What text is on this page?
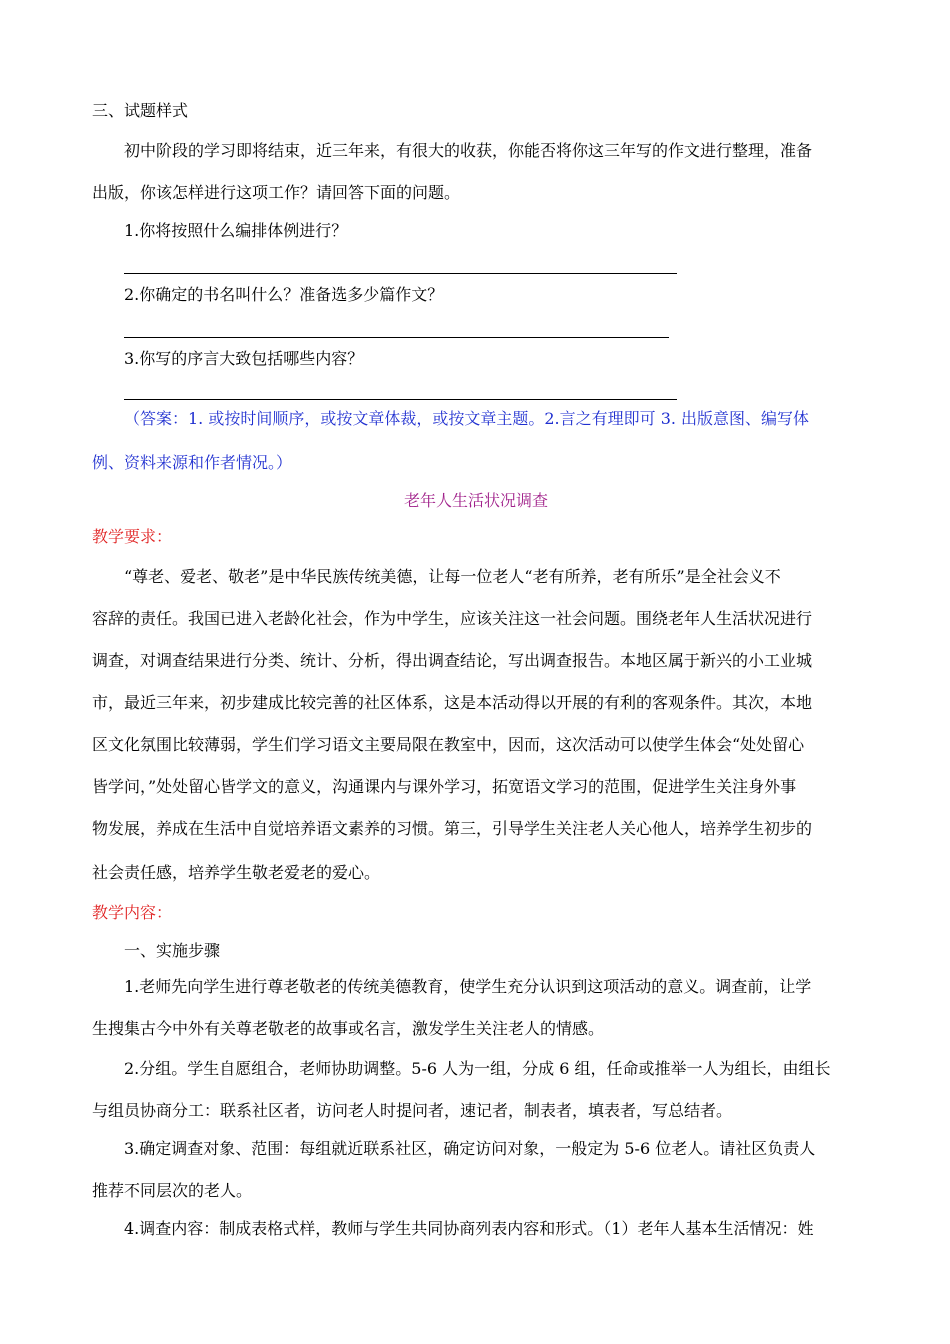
三、试题样式
初中阶段的学习即将结束，近三年来，有很大的收获，你能否将你这三年写的作文进行整理，准备
出版，你该怎样进行这项工作？请回答下面的问题。
1.你将按照什么编排体例进行？
2.你确定的书名叫什么？准备选多少篇作文？
3.你写的序言大致包括哪些内容？
（答案：1. 或按时间顺序，或按文章体裁，或按文章主题。2.言之有理即可 3. 出版意图、编写体
例、资料来源和作者情况。）
老年人生活状况调查
教学要求：
“尊老、爱老、敬老”是中华民族传统美德，让每一位老人“老有所养，老有所乐”是全社会义不
容辞的责任。我国已进入老龄化社会，作为中学生，应该关注这一社会问题。围绕老年人生活状况进行
调查，对调查结果进行分类、统计、分析，得出调查结论，写出调查报告。本地区属于新兴的小工业城
市，最近三年来，初步建成比较完善的社区体系，这是本活动得以开展的有利的客观条件。其次，本地
区文化氛围比较薄弱，学生们学习语文主要局限在教室中，因而，这次活动可以使学生体会“处处留心
皆学问，”处处留心皆学文的意义，沟通课内与课外学习，拓宽语文学习的范围，促进学生关注身外事
物发展，养成在生活中自觉培养语文素养的习惯。第三，引导学生关注老人关心他人，培养学生初步的
社会责任感，培养学生敬老爱老的爱心。
教学内容：
一、实施步骤
1.老师先向学生进行尊老敬老的传统美德教育，使学生充分认识到这项活动的意义。调查前，让学
生搜集古今中外有关尊老敬老的故事或名言，激发学生关注老人的情感。
2.分组。学生自愿组合，老师协助调整。5-6 人为一组，分成 6 组，任命或推举一人为组长，由组长
与组员协商分工：联系社区者，访问老人时提问者，速记者，制表者，填表者，写总结者。
3.确定调查对象、范围：每组就近联系社区，确定访问对象，一般定为 5-6 位老人。请社区负责人
推荐不同层次的老人。
4.调查内容：制成表格式样，教师与学生共同协商列表内容和形式。（1）老年人基本生活情况：姓
